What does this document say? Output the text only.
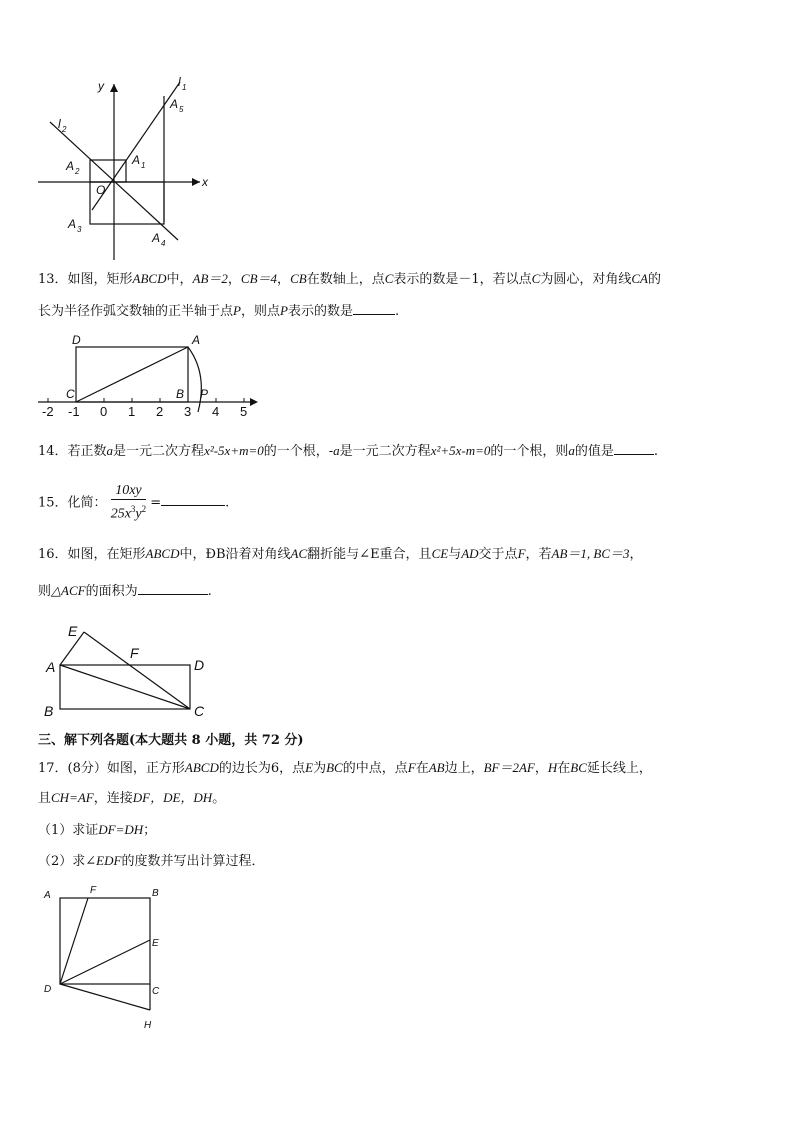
y
x
l 1
l 2
A 5
A 1
A 2
O
A 3
A 4
13．如图，矩形ABCD中，AB＝2，CB＝4，CB在数轴上，点C表示的数是－1，若以点C为圆心，对角线CA的
长为半径作弧交数轴的正半轴于点P，则点P表示的数是	.
-2 -1 0 1 2 3 4 5
D	A
C	B P
14．若正数a是一元二次方程x²-5x+m=0的一个根，-a是一元二次方程x²+5x-m=0的一个根，则a的值是	.
15．化简： $\frac{10xy}{25x^3y^2}$ =	.
16．如图，在矩形ABCD中，ÐB沿着对角线AC翻折能与∠E重合，且CE与AD交于点F，若AB＝1, BC＝3，
则△ACF的面积为	.
E
F
A	D
B	C
三、解下列各题(本大题共 8 小题，共 72 分)
17．(8分）如图，正方形ABCD的边长为6，点E为BC的中点，点F在AB边上，BF＝2AF，H在BC延长线上，
且CH=AF，连接DF，DE，DH。
（1）求证DF=DH；
（2）求∠EDF的度数并写出计算过程．
A	F	B
E
D	C
H
